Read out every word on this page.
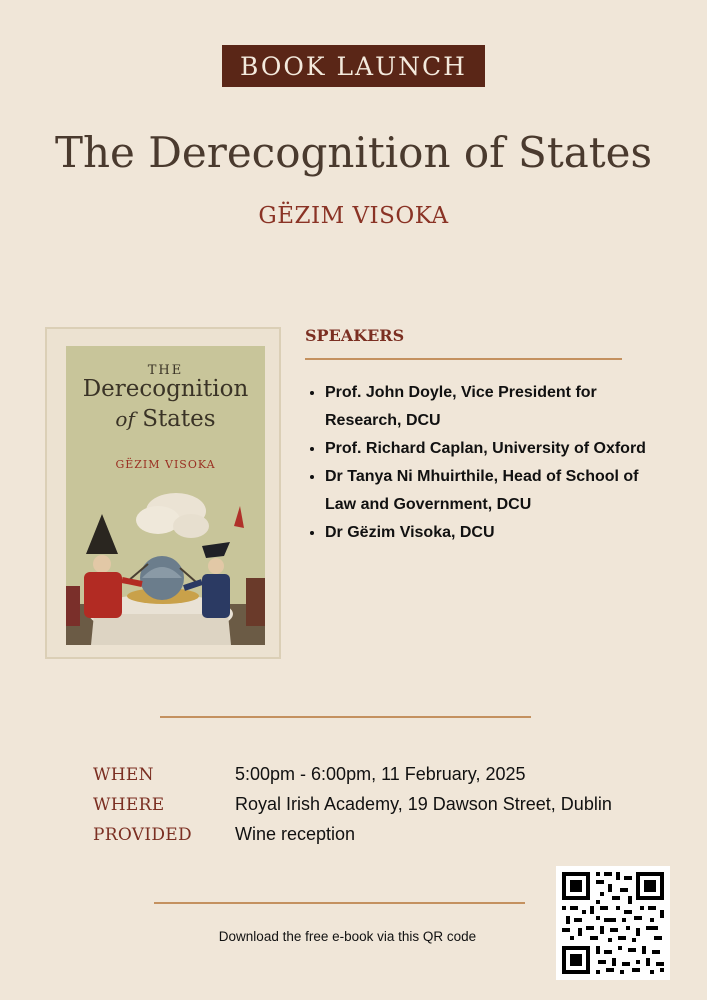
BOOK LAUNCH
The Derecognition of States
GËZIM VISOKA
THE
Derecognition
of States
GËZIM VISOKA
SPEAKERS
• Prof. John Doyle, Vice President for Research, DCU
• Prof. Richard Caplan, University of Oxford
• Dr Tanya Ni Mhuirthile, Head of School of Law and Government, DCU
• Dr Gëzim Visoka, DCU
WHEN	5:00pm - 6:00pm, 11 February, 2025
WHERE	Royal Irish Academy, 19 Dawson Street, Dublin
PROVIDED Wine reception
Download the free e-book via this QR code
